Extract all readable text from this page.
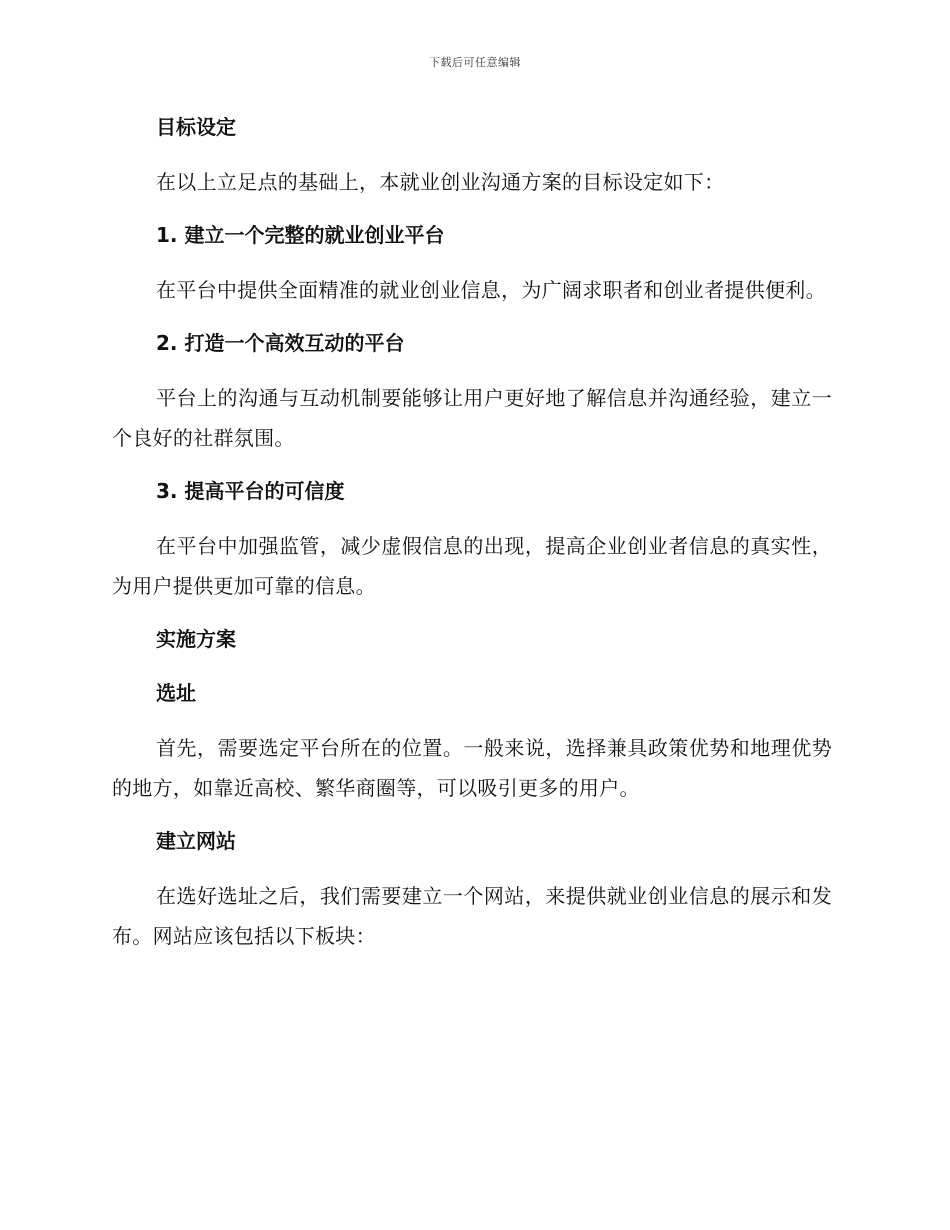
下载后可任意编辑
目标设定

在以上立足点的基础上，本就业创业沟通方案的目标设定如下：

1. 建立一个完整的就业创业平台

在平台中提供全面精准的就业创业信息，为广阔求职者和创业者提供便利。

2. 打造一个高效互动的平台

平台上的沟通与互动机制要能够让用户更好地了解信息并沟通经验，建立一个良好的社群氛围。

3. 提高平台的可信度

在平台中加强监管，减少虚假信息的出现，提高企业创业者信息的真实性，为用户提供更加可靠的信息。

实施方案
选址

首先，需要选定平台所在的位置。一般来说，选择兼具政策优势和地理优势的地方，如靠近高校、繁华商圈等，可以吸引更多的用户。

建立网站

在选好选址之后，我们需要建立一个网站，来提供就业创业信息的展示和发布。网站应该包括以下板块：
